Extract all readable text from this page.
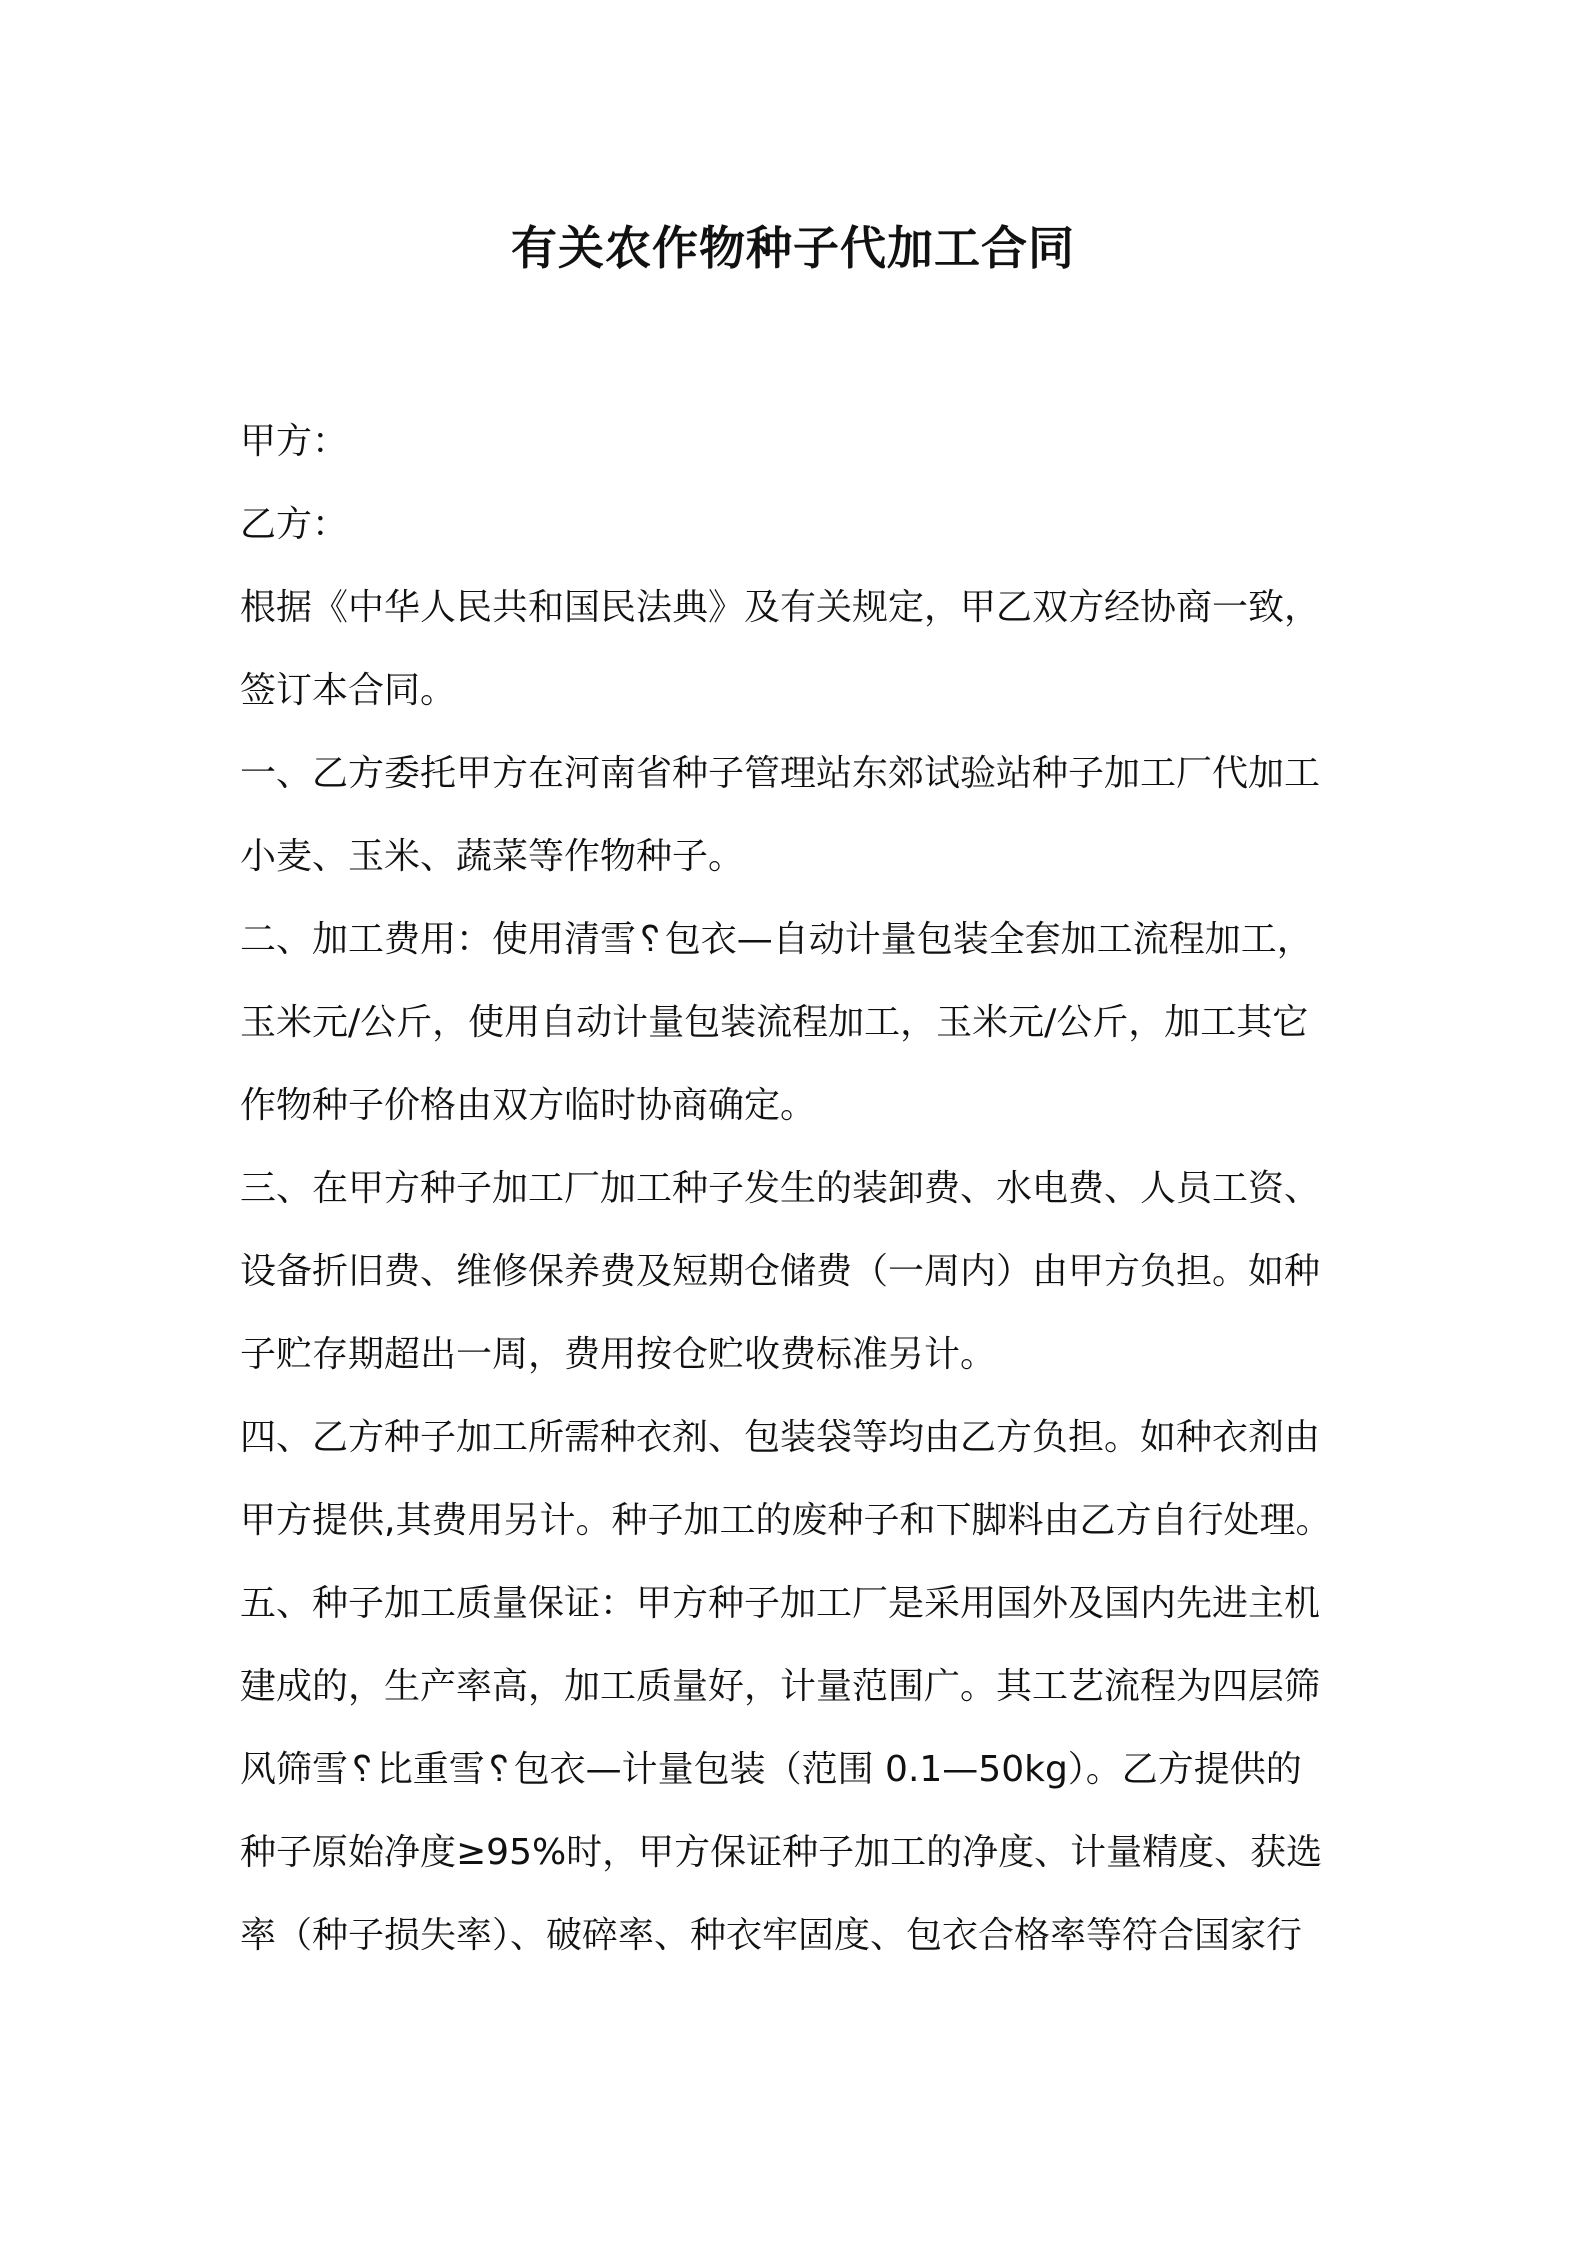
有关农作物种子代加工合同

甲方：

乙方：

根据《中华人民共和国民法典》及有关规定，甲乙双方经协商一致，

签订本合同。

一、乙方委托甲方在河南省种子管理站东郊试验站种子加工厂代加工

小麦、玉米、蔬菜等作物种子。

二、加工费用：使用清雪␦包衣—自动计量包装全套加工流程加工，

玉米元/公斤，使用自动计量包装流程加工，玉米元/公斤，加工其它

作物种子价格由双方临时协商确定。

三、在甲方种子加工厂加工种子发生的装卸费、水电费、人员工资、

设备折旧费、维修保养费及短期仓储费（一周内）由甲方负担。如种

子贮存期超出一周，费用按仓贮收费标准另计。

四、乙方种子加工所需种衣剂、包装袋等均由乙方负担。如种衣剂由

甲方提供,其费用另计。种子加工的废种子和下脚料由乙方自行处理。

五、种子加工质量保证：甲方种子加工厂是采用国外及国内先进主机

建成的，生产率高，加工质量好，计量范围广。其工艺流程为四层筛

风筛雪␦比重雪␦包衣—计量包装（范围 0.1—50kg）。乙方提供的

种子原始净度≥95%时，甲方保证种子加工的净度、计量精度、获选

率（种子损失率）、破碎率、种衣牢固度、包衣合格率等符合国家行
